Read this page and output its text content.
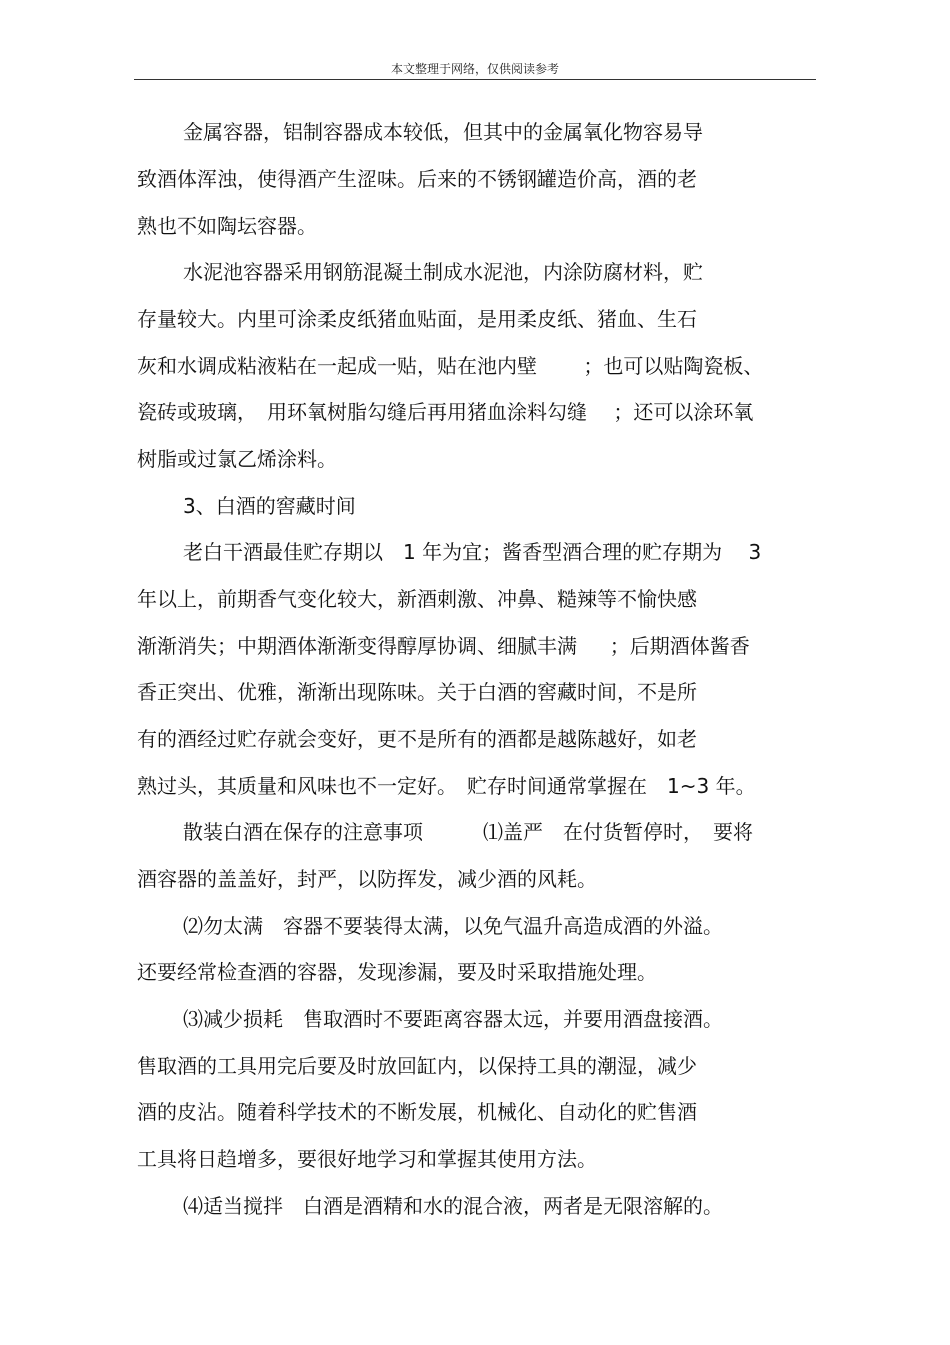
本文整理于网络，仅供阅读参考
金属容器，铝制容器成本较低，但其中的金属氧化物容易导
致酒体浑浊，使得酒产生涩味。后来的不锈钢罐造价高，酒的老
熟也不如陶坛容器。
水泥池容器采用钢筋混凝土制成水泥池，内涂防腐材料，贮
存量较大。内里可涂柔皮纸猪血贴面，是用柔皮纸、猪血、生石
灰和水调成粘液粘在一起成一贴，贴在池内壁 　　；也可以贴陶瓷板、
瓷砖或玻璃，　用环氧树脂勾缝后再用猪血涂料勾缝 　；还可以涂环氧
树脂或过氯乙烯涂料。
3、白酒的窖藏时间
老白干酒最佳贮存期以　1 年为宜；酱香型酒合理的贮存期为　 3
年以上，前期香气变化较大，新酒刺激、冲鼻、糙辣等不愉快感
渐渐消失；中期酒体渐渐变得醇厚协调、细腻丰满 　 ；后期酒体酱香
香正突出、优雅，渐渐出现陈味。关于白酒的窖藏时间，不是所
有的酒经过贮存就会变好，更不是所有的酒都是越陈越好，如老
熟过头，其质量和风味也不一定好。　贮存时间通常掌握在　1~3 年。
散装白酒在保存的注意事项　　　⑴盖严　在付货暂停时，　要将
酒容器的盖盖好，封严，以防挥发，减少酒的风耗。
⑵勿太满　容器不要装得太满，以免气温升高造成酒的外溢。
还要经常检查酒的容器，发现渗漏，要及时采取措施处理。
⑶减少损耗　售取酒时不要距离容器太远，并要用酒盘接酒。
售取酒的工具用完后要及时放回缸内，以保持工具的潮湿，减少
酒的皮沾。随着科学技术的不断发展，机械化、自动化的贮售酒
工具将日趋增多，要很好地学习和掌握其使用方法。
⑷适当搅拌　白酒是酒精和水的混合液，两者是无限溶解的。
